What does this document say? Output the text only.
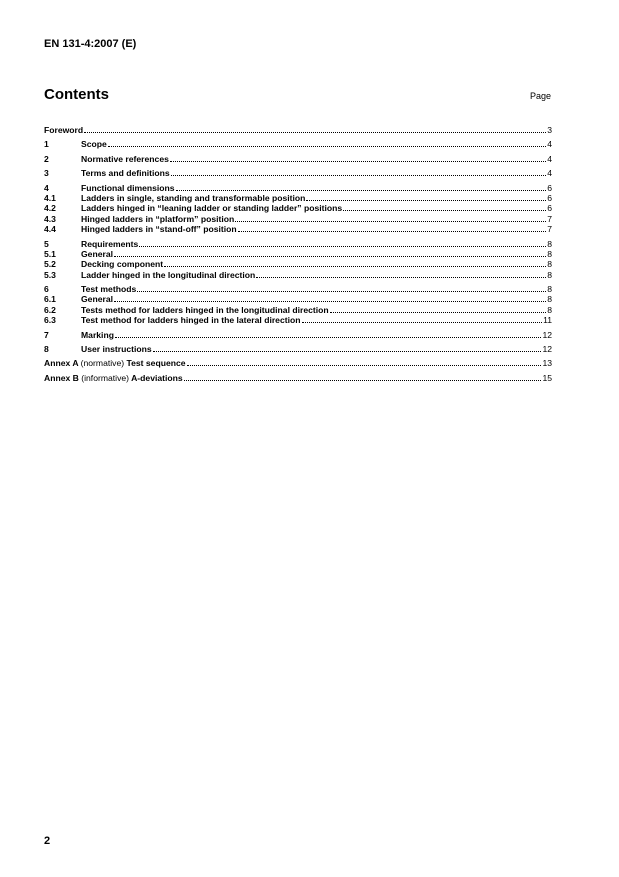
EN 131-4:2007 (E)
Contents	Page
Foreword	3
1	Scope	4
2	Normative references	4
3	Terms and definitions	4
4	Functional dimensions	6
4.1	Ladders in single, standing and transformable position	6
4.2	Ladders hinged in “leaning ladder or standing ladder” positions	6
4.3	Hinged ladders in “platform” position	7
4.4	Hinged ladders in “stand-off” position	7
5	Requirements	8
5.1	General	8
5.2	Decking component	8
5.3	Ladder hinged in the longitudinal direction	8
6	Test methods	8
6.1	General	8
6.2	Tests method for ladders hinged in the longitudinal direction	8
6.3	Test method for ladders hinged in the lateral direction	11
7	Marking	12
8	User instructions	12
Annex A (normative) Test sequence	13
Annex B (informative) A-deviations	15
2
